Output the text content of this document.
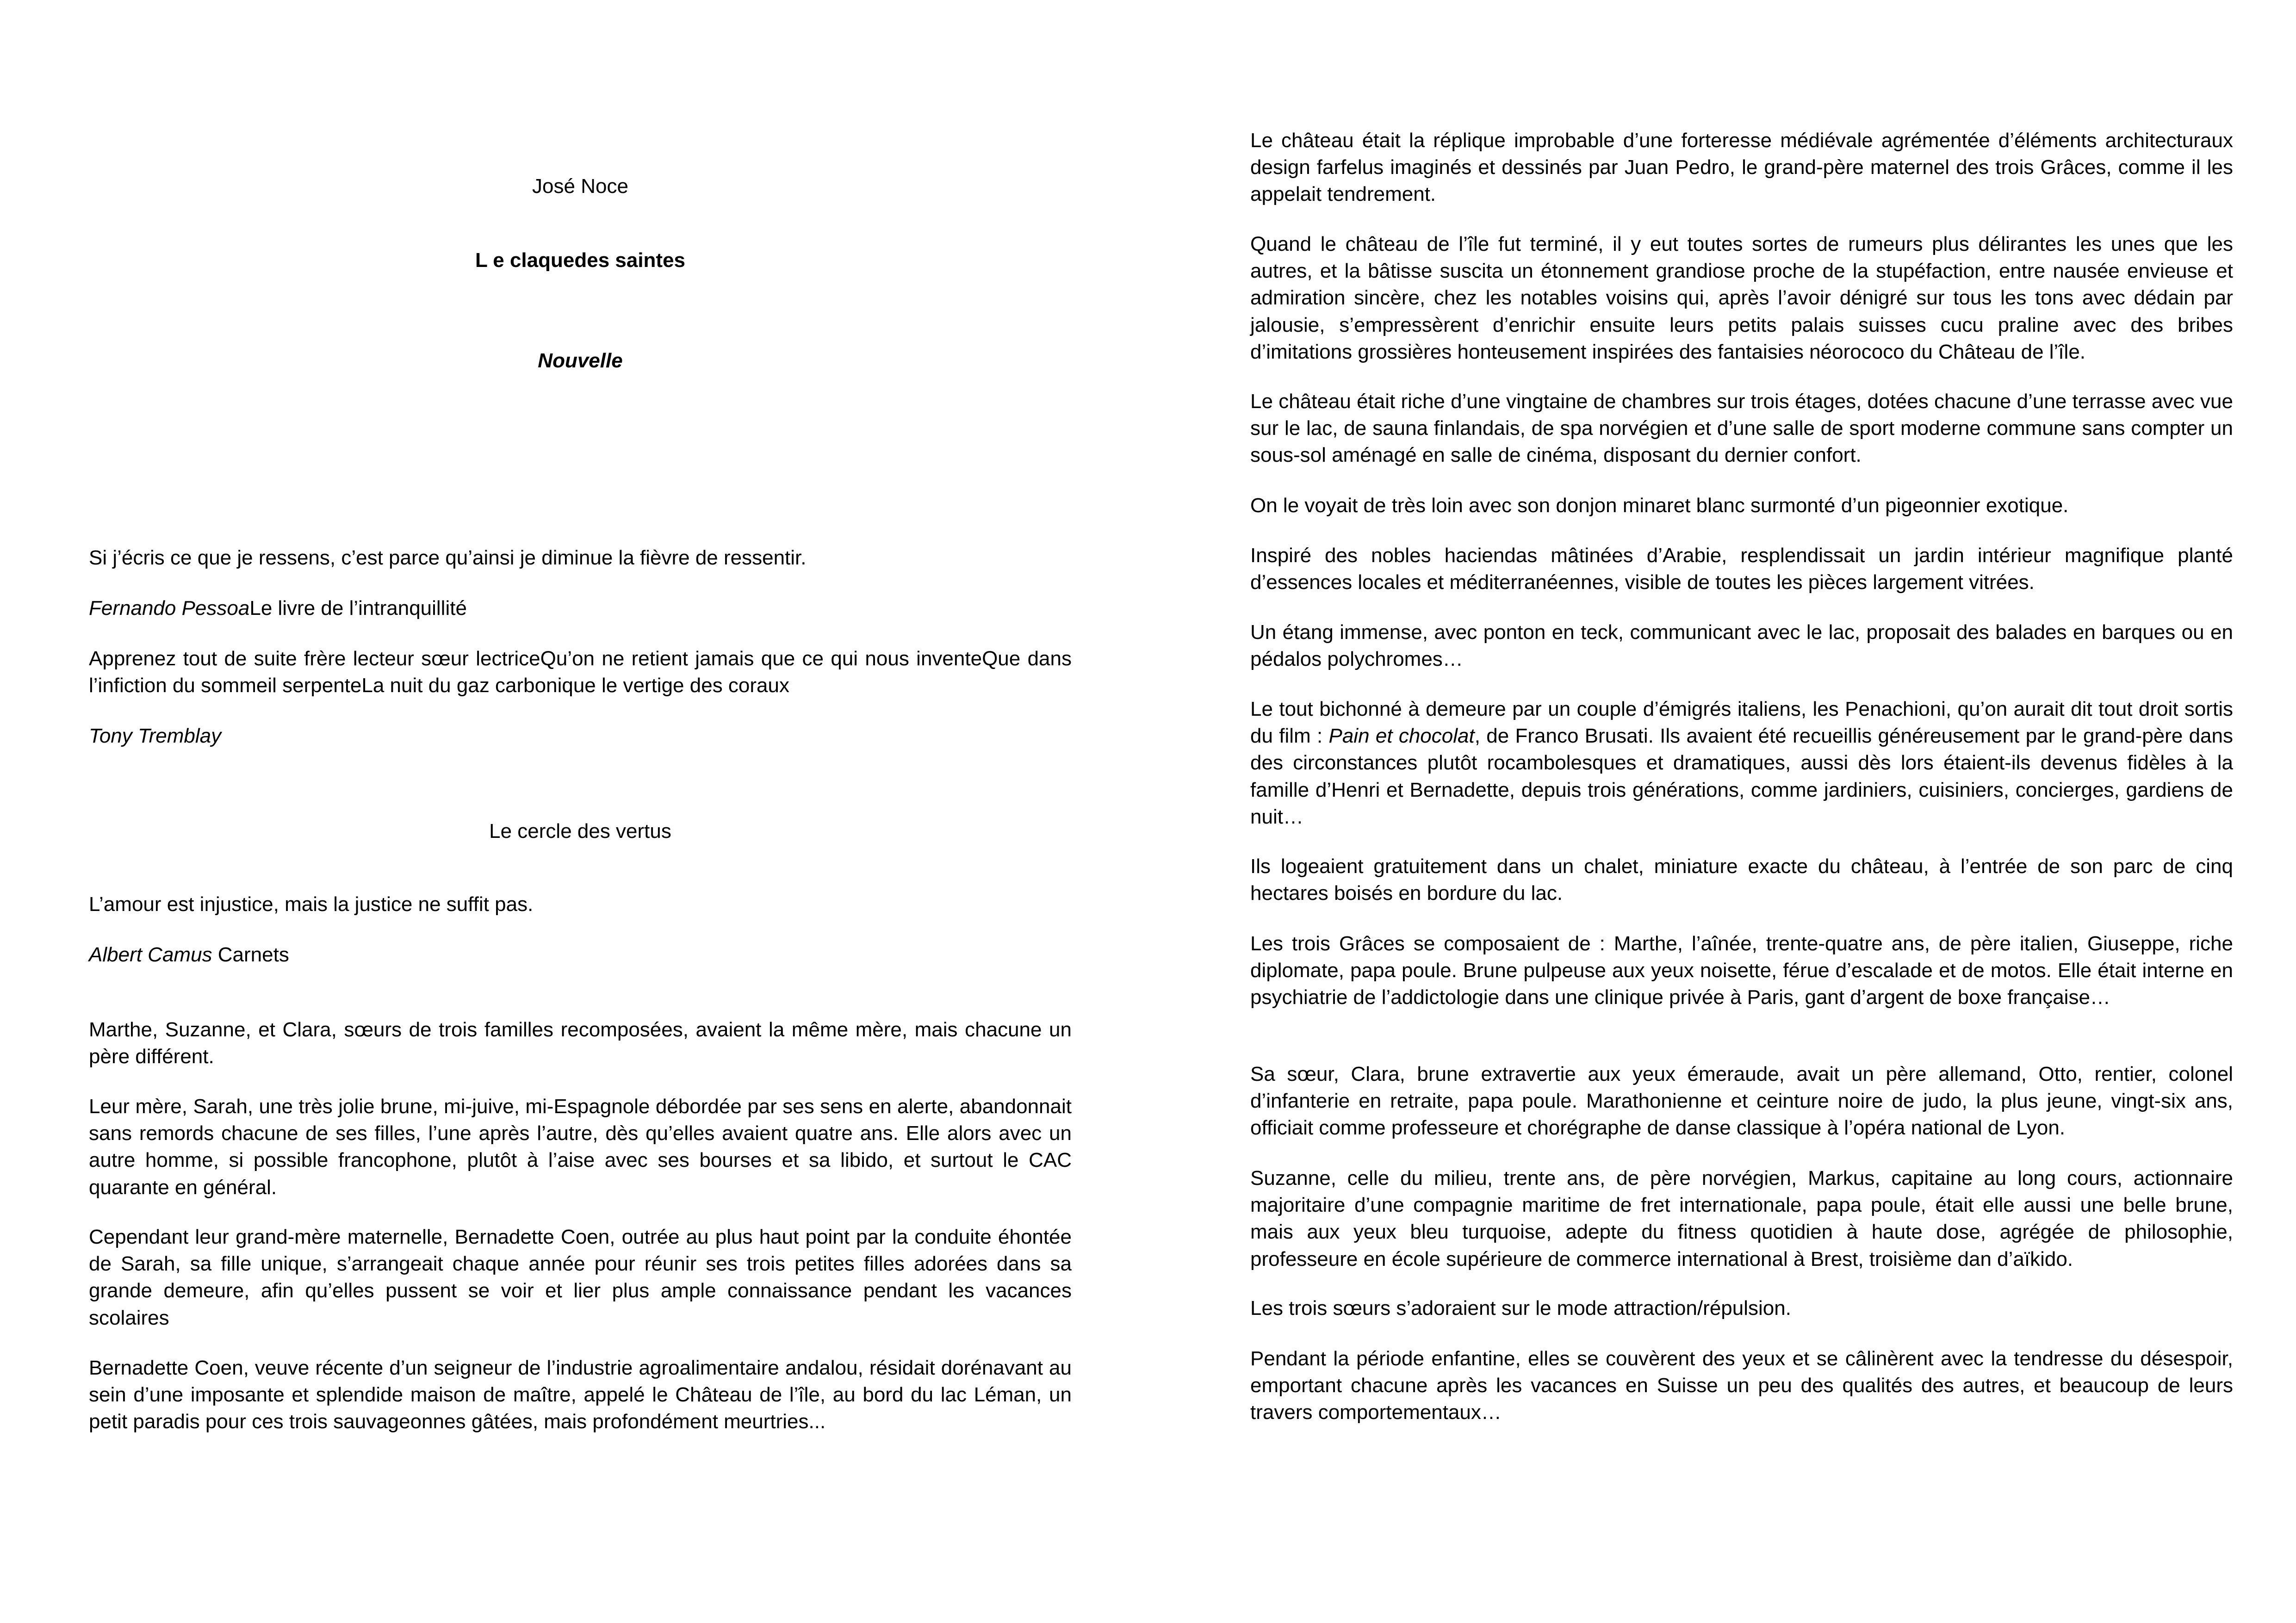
José Noce

L e claquedes saintes

Nouvelle

Si j’écris ce que je ressens, c’est parce qu’ainsi je diminue la fièvre de ressentir.

Fernando PessoaLe livre de l’intranquillité

Apprenez tout de suite frère lecteur sœur lectriceQu’on ne retient jamais que ce qui nous inventeQue dans l’infiction du sommeil serpenteLa nuit du gaz carbonique le vertige des coraux

Tony Tremblay

Le cercle des vertus

L’amour est injustice, mais la justice ne suffit pas.

Albert Camus Carnets

Marthe, Suzanne, et Clara, sœurs de trois familles recomposées, avaient la même mère, mais chacune un père différent.

Leur mère, Sarah, une très jolie brune, mi-juive, mi-Espagnole débordée par ses sens en alerte, abandonnait sans remords chacune de ses filles, l’une après l’autre, dès qu’elles avaient quatre ans. Elle alors avec un autre homme, si possible francophone, plutôt à l’aise avec ses bourses et sa libido, et surtout le CAC quarante en général.

Cependant leur grand-mère maternelle, Bernadette Coen, outrée au plus haut point par la conduite éhontée de Sarah, sa fille unique, s’arrangeait chaque année pour réunir ses trois petites filles adorées dans sa grande demeure, afin qu’elles pussent se voir et lier plus ample connaissance pendant les vacances scolaires

Bernadette Coen, veuve récente d’un seigneur de l’industrie agroalimentaire andalou, résidait dorénavant au sein d’une imposante et splendide maison de maître, appelé le Château de l’île, au bord du lac Léman, un petit paradis pour ces trois sauvageonnes gâtées, mais profondément meurtries...

Le château était la réplique improbable d’une forteresse médiévale agrémentée d’éléments architecturaux design farfelus imaginés et dessinés par Juan Pedro, le grand-père maternel des trois Grâces, comme il les appelait tendrement.

Quand le château de l’île fut terminé, il y eut toutes sortes de rumeurs plus délirantes les unes que les autres, et la bâtisse suscita un étonnement grandiose proche de la stupéfaction, entre nausée envieuse et admiration sincère, chez les notables voisins qui, après l’avoir dénigré sur tous les tons avec dédain par jalousie, s’empressèrent d’enrichir ensuite leurs petits palais suisses cucu praline avec des bribes d’imitations grossières honteusement inspirées des fantaisies néorococo du Château de l’île.

Le château était riche d’une vingtaine de chambres sur trois étages, dotées chacune d’une terrasse avec vue sur le lac, de sauna finlandais, de spa norvégien et d’une salle de sport moderne commune sans compter un sous-sol aménagé en salle de cinéma, disposant du dernier confort.

On le voyait de très loin avec son donjon minaret blanc surmonté d’un pigeonnier exotique.

Inspiré des nobles haciendas mâtinées d’Arabie, resplendissait un jardin intérieur magnifique planté d’essences locales et méditerranéennes, visible de toutes les pièces largement vitrées.

Un étang immense, avec ponton en teck, communicant avec le lac, proposait des balades en barques ou en pédalos polychromes…

Le tout bichonné à demeure par un couple d’émigrés italiens, les Penachioni, qu’on aurait dit tout droit sortis du film : Pain et chocolat, de Franco Brusati. Ils avaient été recueillis généreusement par le grand-père dans des circonstances plutôt rocambolesques et dramatiques, aussi dès lors étaient-ils devenus fidèles à la famille d’Henri et Bernadette, depuis trois générations, comme jardiniers, cuisiniers, concierges, gardiens de nuit…

Ils logeaient gratuitement dans un chalet, miniature exacte du château, à l’entrée de son parc de cinq hectares boisés en bordure du lac.

Les trois Grâces se composaient de : Marthe, l’aînée, trente-quatre ans, de père italien, Giuseppe, riche diplomate, papa poule. Brune pulpeuse aux yeux noisette, férue d’escalade et de motos. Elle était interne en psychiatrie de l’addictologie dans une clinique privée à Paris, gant d’argent de boxe française…

Sa sœur, Clara, brune extravertie aux yeux émeraude, avait un père allemand, Otto, rentier, colonel d’infanterie en retraite, papa poule. Marathonienne et ceinture noire de judo, la plus jeune, vingt-six ans, officiait comme professeure et chorégraphe de danse classique à l’opéra national de Lyon.

Suzanne, celle du milieu, trente ans, de père norvégien, Markus, capitaine au long cours, actionnaire majoritaire d’une compagnie maritime de fret internationale, papa poule, était elle aussi une belle brune, mais aux yeux bleu turquoise, adepte du fitness quotidien à haute dose, agrégée de philosophie, professeure en école supérieure de commerce international à Brest, troisième dan d’aïkido.

Les trois sœurs s’adoraient sur le mode attraction/répulsion.

Pendant la période enfantine, elles se couvèrent des yeux et se câlinèrent avec la tendresse du désespoir, emportant chacune après les vacances en Suisse un peu des qualités des autres, et beaucoup de leurs travers comportementaux…
